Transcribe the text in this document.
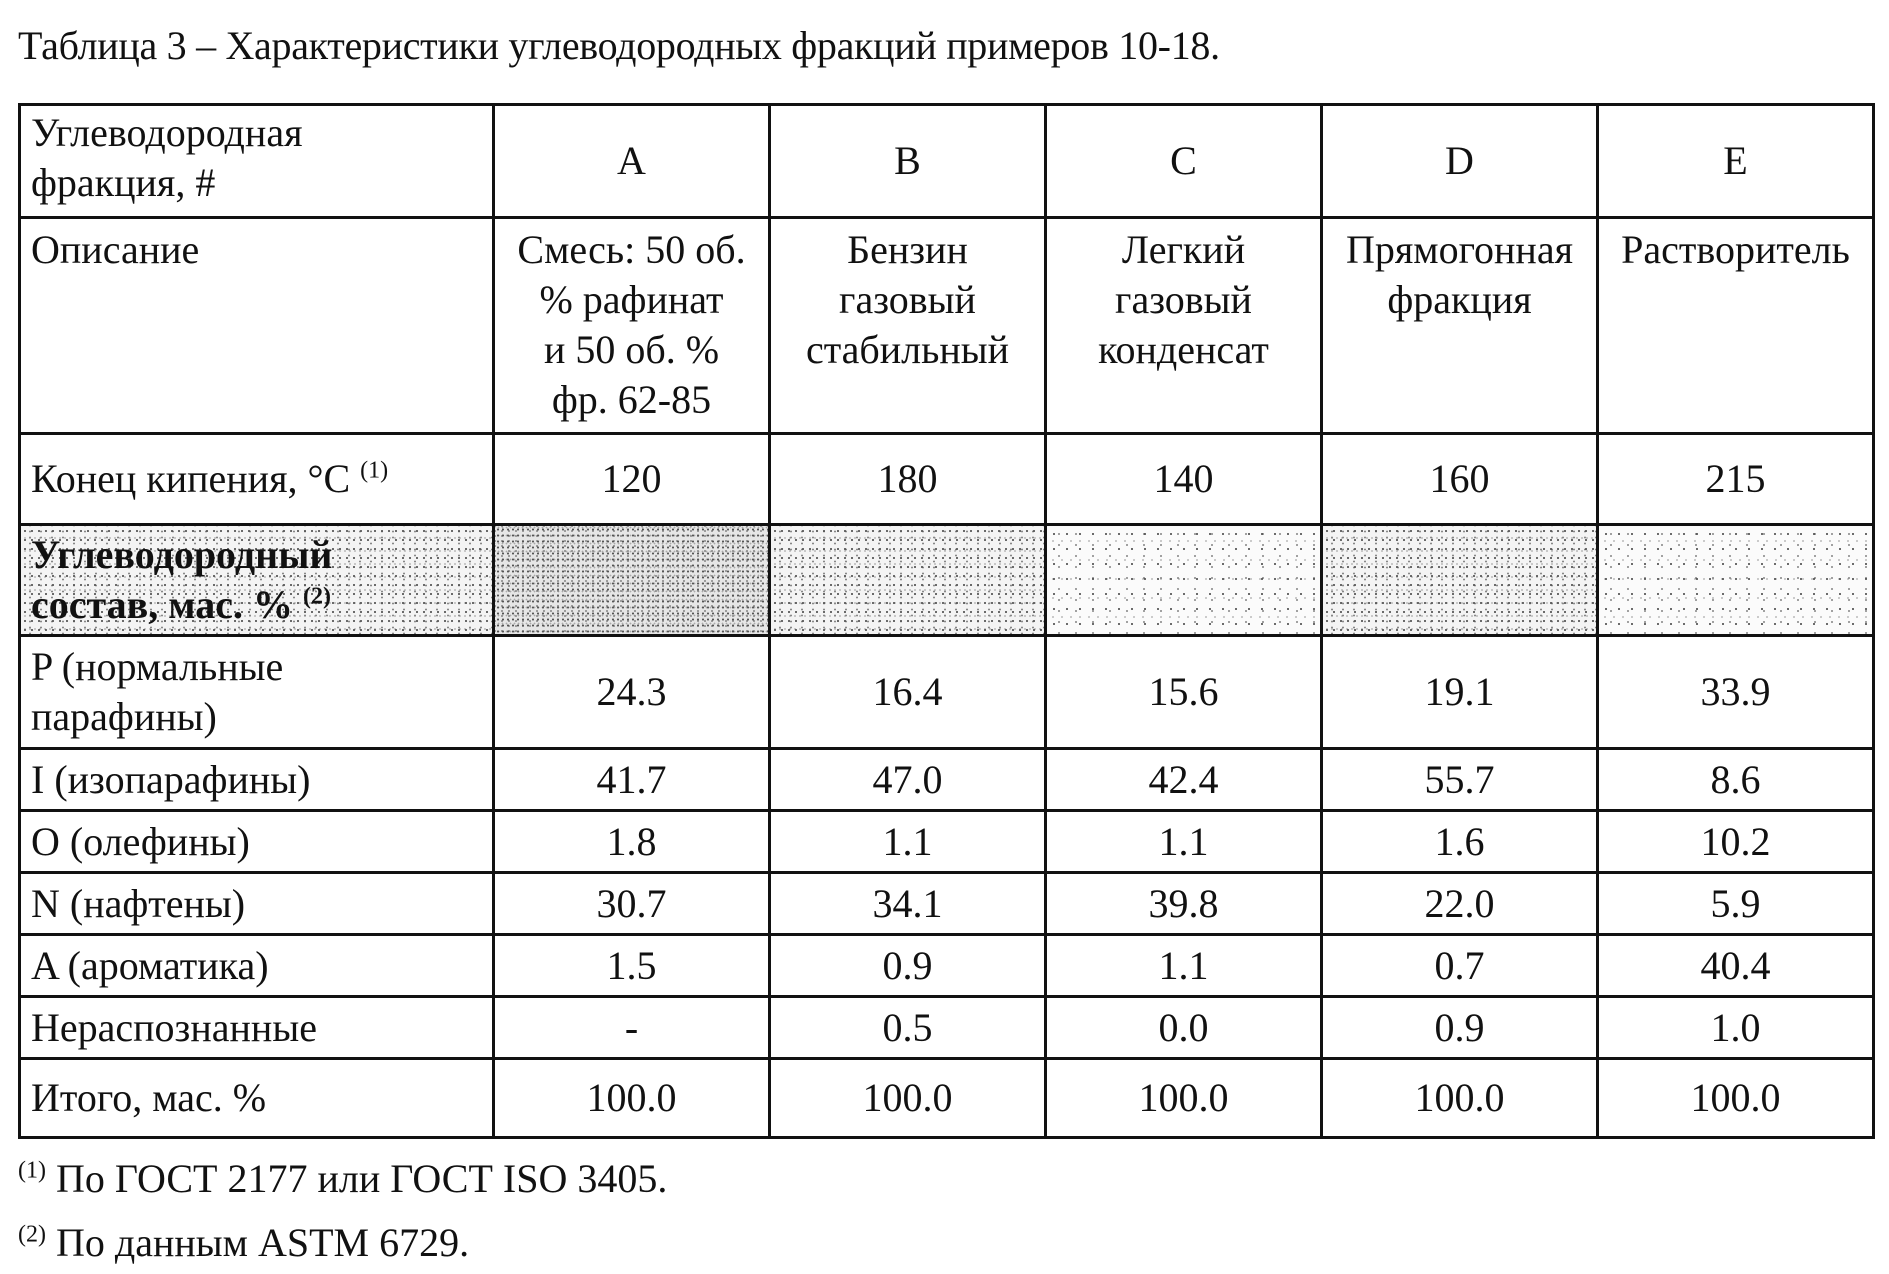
Таблица 3 – Характеристики углеводородных фракций примеров 10-18.
Углеводородная
фракция, #	A	B	C	D	E
Описание	Смесь: 50 об.
% рафинат
и 50 об. %
фр. 62-85	Бензин
газовый
стабильный	Легкий
газовый
конденсат	Прямогонная
фракция	Растворитель
Конец кипения, °С $^{(1)}$	120	180	140	160	215
Углеводородный
состав, мас. % $^{(2)}$					
P (нормальные
парафины)	24.3	16.4	15.6	19.1	33.9
I (изопарафины)	41.7	47.0	42.4	55.7	8.6
O (олефины)	1.8	1.1	1.1	1.6	10.2
N (нафтены)	30.7	34.1	39.8	22.0	5.9
A (ароматика)	1.5	0.9	1.1	0.7	40.4
Нераспознанные	-	0.5	0.0	0.9	1.0
Итого, мас. %	100.0	100.0	100.0	100.0	100.0
$^{(1)}$ По ГОСТ 2177 или ГОСТ ISO 3405.
$^{(2)}$ По данным ASTM 6729.
